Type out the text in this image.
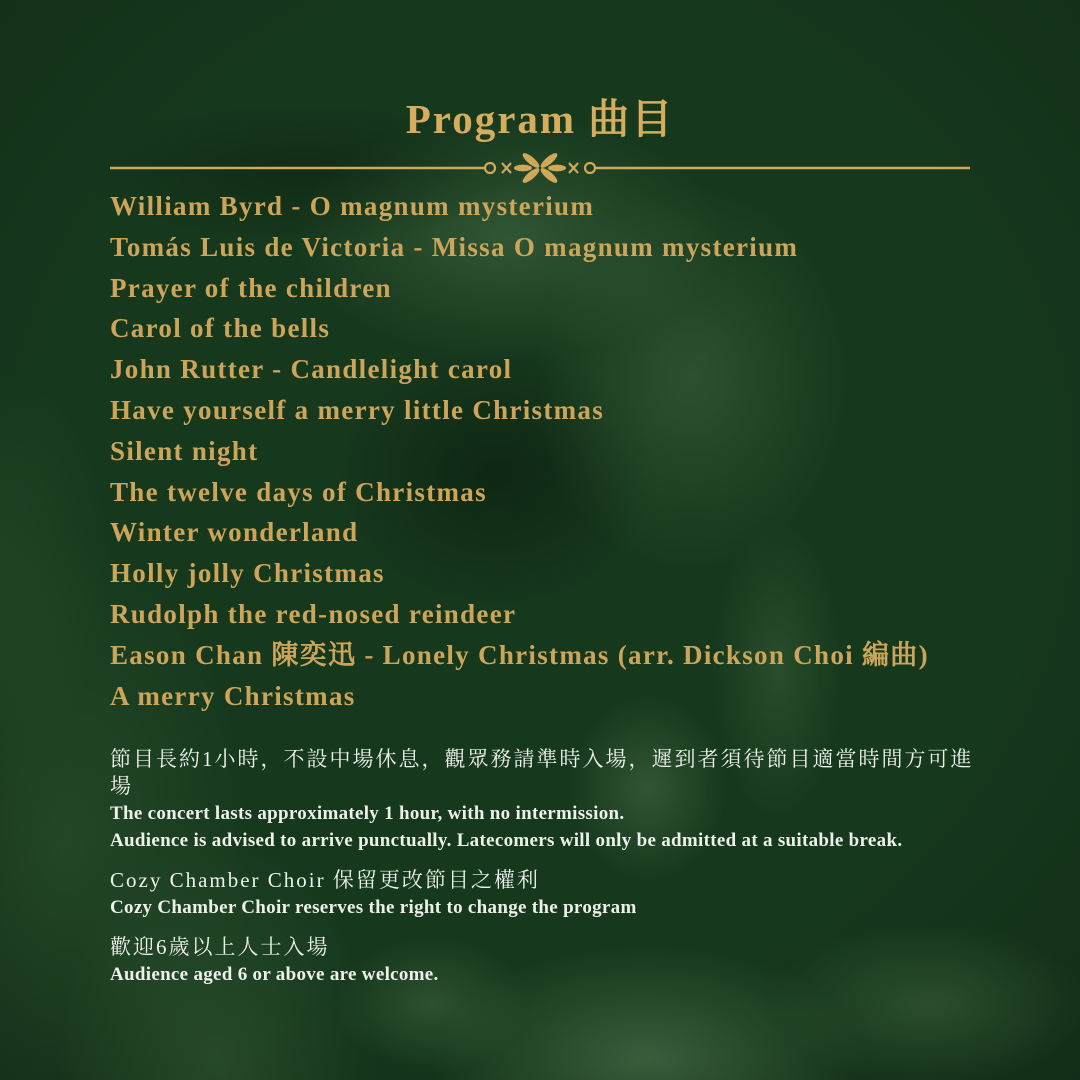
Program 曲目
William Byrd - O magnum mysterium
Tomás Luis de Victoria - Missa O magnum mysterium
Prayer of the children
Carol of the bells
John Rutter - Candlelight carol
Have yourself a merry little Christmas
Silent night
The twelve days of Christmas
Winter wonderland
Holly jolly Christmas
Rudolph the red-nosed reindeer
Eason Chan 陳奕迅 - Lonely Christmas (arr. Dickson Choi 編曲)
A merry Christmas

節目長約1小時，不設中場休息，觀眾務請準時入場，遲到者須待節目適當時間方可進場
The concert lasts approximately 1 hour, with no intermission.
Audience is advised to arrive punctually. Latecomers will only be admitted at a suitable break.

Cozy Chamber Choir 保留更改節目之權利
Cozy Chamber Choir reserves the right to change the program

歡迎6歲以上人士入場
Audience aged 6 or above are welcome.
